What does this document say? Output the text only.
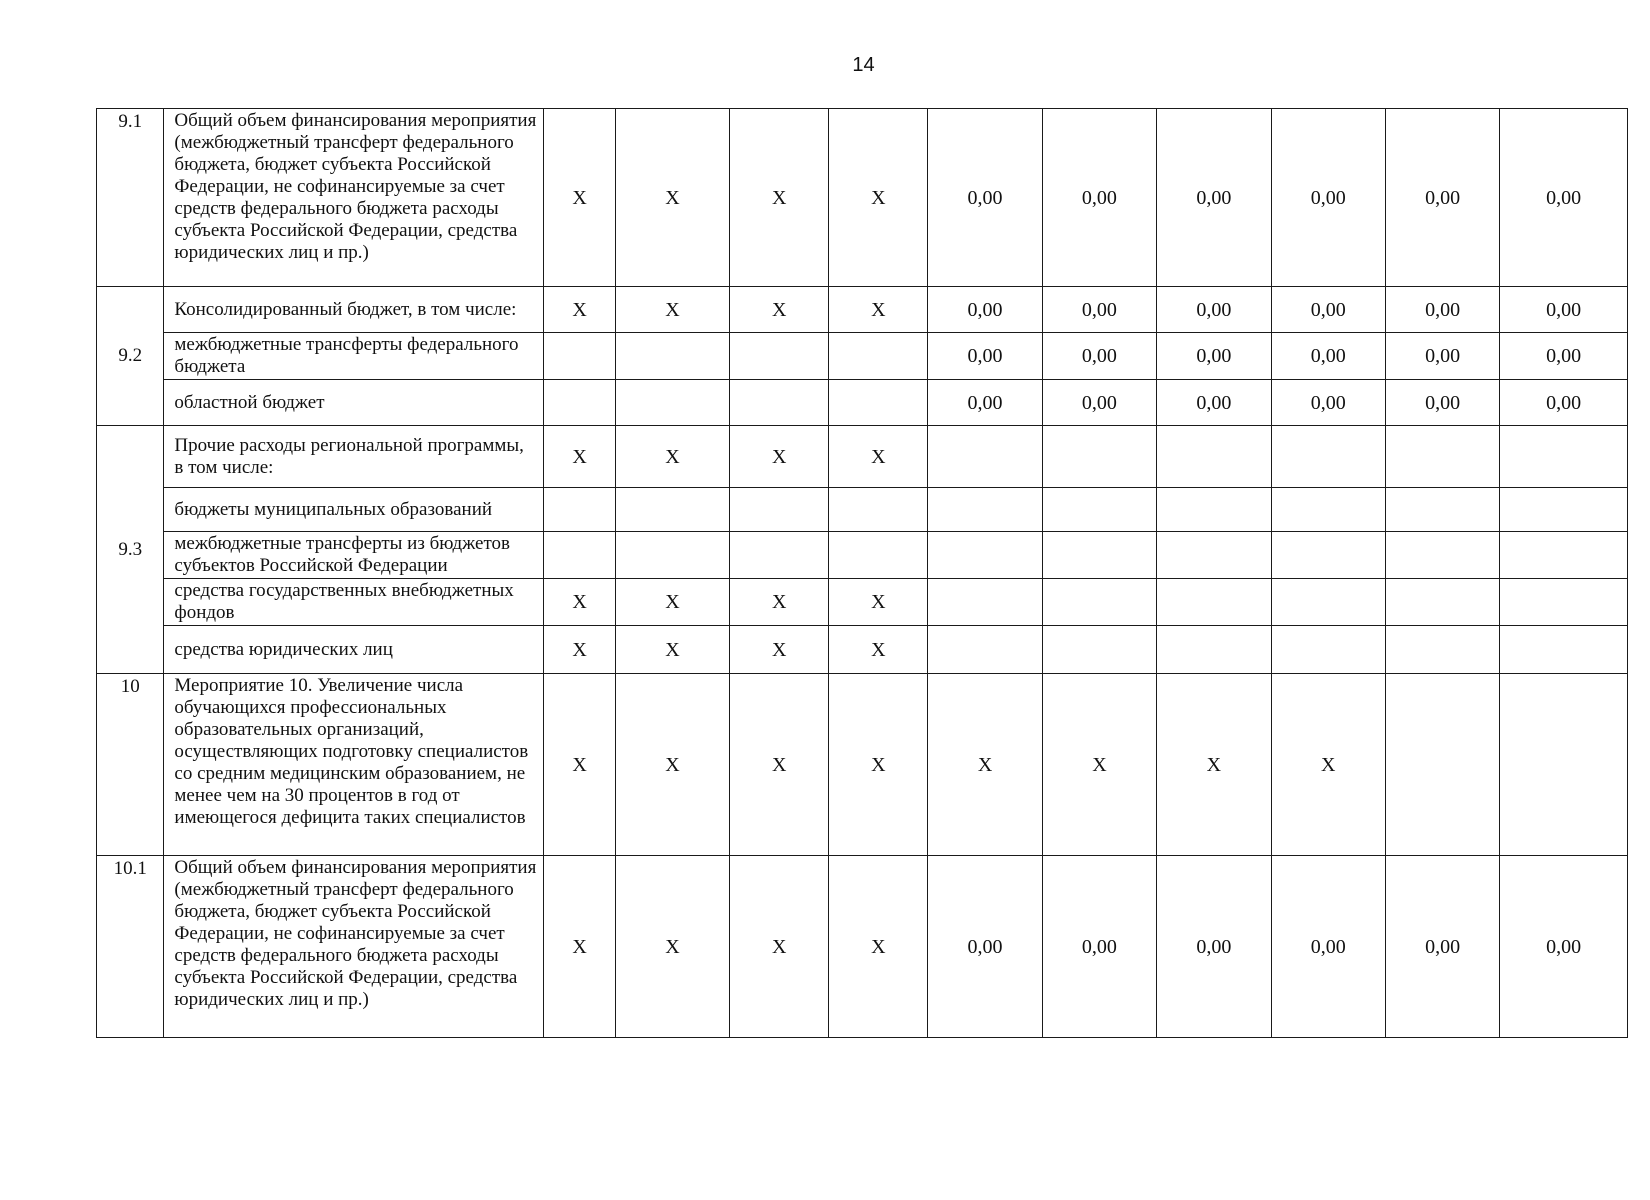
14
9.1	Общий объем финансирования мероприятия (межбюджетный трансферт федерального бюджета, бюджет субъекта Российской Федерации, не софинансируемые за счет средств федерального бюджета расходы субъекта Российской Федерации, средства юридических лиц и пр.)	X	X	X	X	0,00	0,00	0,00	0,00	0,00	0,00
9.2	Консолидированный бюджет, в том числе:	X	X	X	X	0,00	0,00	0,00	0,00	0,00	0,00
	межбюджетные трансферты федерального бюджета					0,00	0,00	0,00	0,00	0,00	0,00
	областной бюджет					0,00	0,00	0,00	0,00	0,00	0,00
9.3	Прочие расходы региональной программы, в том числе:	X	X	X	X						
	бюджеты муниципальных образований										
	межбюджетные трансферты из бюджетов субъектов Российской Федерации										
	средства государственных внебюджетных фондов	X	X	X	X						
	средства юридических лиц	X	X	X	X						
10	Мероприятие 10. Увеличение числа обучающихся профессиональных образовательных организаций, осуществляющих подготовку специалистов со средним медицинским образованием, не менее чем на 30 процентов в год от имеющегося дефицита таких специалистов	X	X	X	X	X	X	X	X		
10.1	Общий объем финансирования мероприятия (межбюджетный трансферт федерального бюджета, бюджет субъекта Российской Федерации, не софинансируемые за счет средств федерального бюджета расходы субъекта Российской Федерации, средства юридических лиц и пр.)	X	X	X	X	0,00	0,00	0,00	0,00	0,00	0,00
